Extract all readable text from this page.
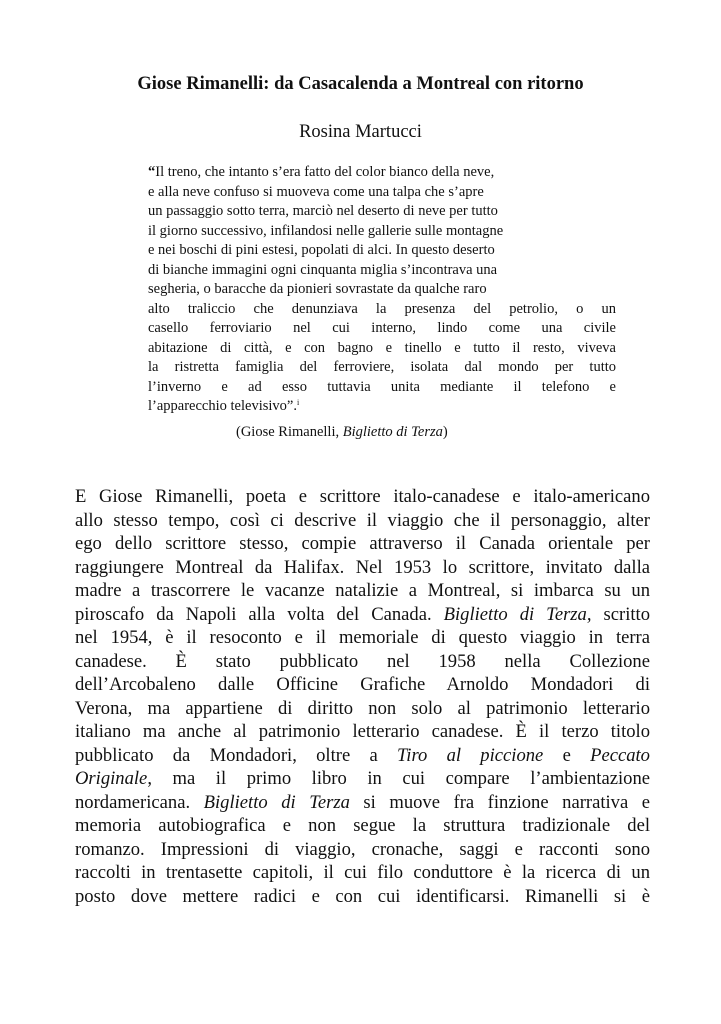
Giose Rimanelli: da Casacalenda a Montreal con ritorno

Rosina Martucci

“Il treno, che intanto s’era fatto del color bianco della neve,
e alla neve confuso si muoveva come una talpa che s’apre
un passaggio sotto terra, marciò nel deserto di neve per tutto
il giorno successivo, infilandosi nelle gallerie sulle montagne
e nei boschi di pini estesi, popolati di alci. In questo deserto
di bianche immagini ogni cinquanta miglia s’incontrava una
segheria, o baracche da pionieri sovrastate da qualche raro
alto traliccio che denunziava la presenza del petrolio, o un
casello ferroviario nel cui interno, lindo come una civile
abitazione di città, e con bagno e tinello e tutto il resto, viveva
la ristretta famiglia del ferroviere, isolata dal mondo per tutto
l’inverno e ad esso tuttavia unita mediante il telefono e
l’apparecchio televisivo”.$^i$

(Giose Rimanelli, Biglietto di Terza)

E Giose Rimanelli, poeta e scrittore italo-canadese e italo-americano
allo stesso tempo, così ci descrive il viaggio che il personaggio, alter
ego dello scrittore stesso, compie attraverso il Canada orientale per
raggiungere Montreal da Halifax. Nel 1953 lo scrittore, invitato dalla
madre a trascorrere le vacanze natalizie a Montreal, si imbarca su un
piroscafo da Napoli alla volta del Canada. Biglietto di Terza, scritto
nel 1954, è il resoconto e il memoriale di questo viaggio in terra
canadese. È stato pubblicato nel 1958 nella Collezione
dell’Arcobaleno dalle Officine Grafiche Arnoldo Mondadori di
Verona, ma appartiene di diritto non solo al patrimonio letterario
italiano ma anche al patrimonio letterario canadese. È il terzo titolo
pubblicato da Mondadori, oltre a Tiro al piccione e Peccato
Originale, ma il primo libro in cui compare l’ambientazione
nordamericana. Biglietto di Terza si muove fra finzione narrativa e
memoria autobiografica e non segue la struttura tradizionale del
romanzo. Impressioni di viaggio, cronache, saggi e racconti sono
raccolti in trentasette capitoli, il cui filo conduttore è la ricerca di un
posto dove mettere radici e con cui identificarsi. Rimanelli si è
